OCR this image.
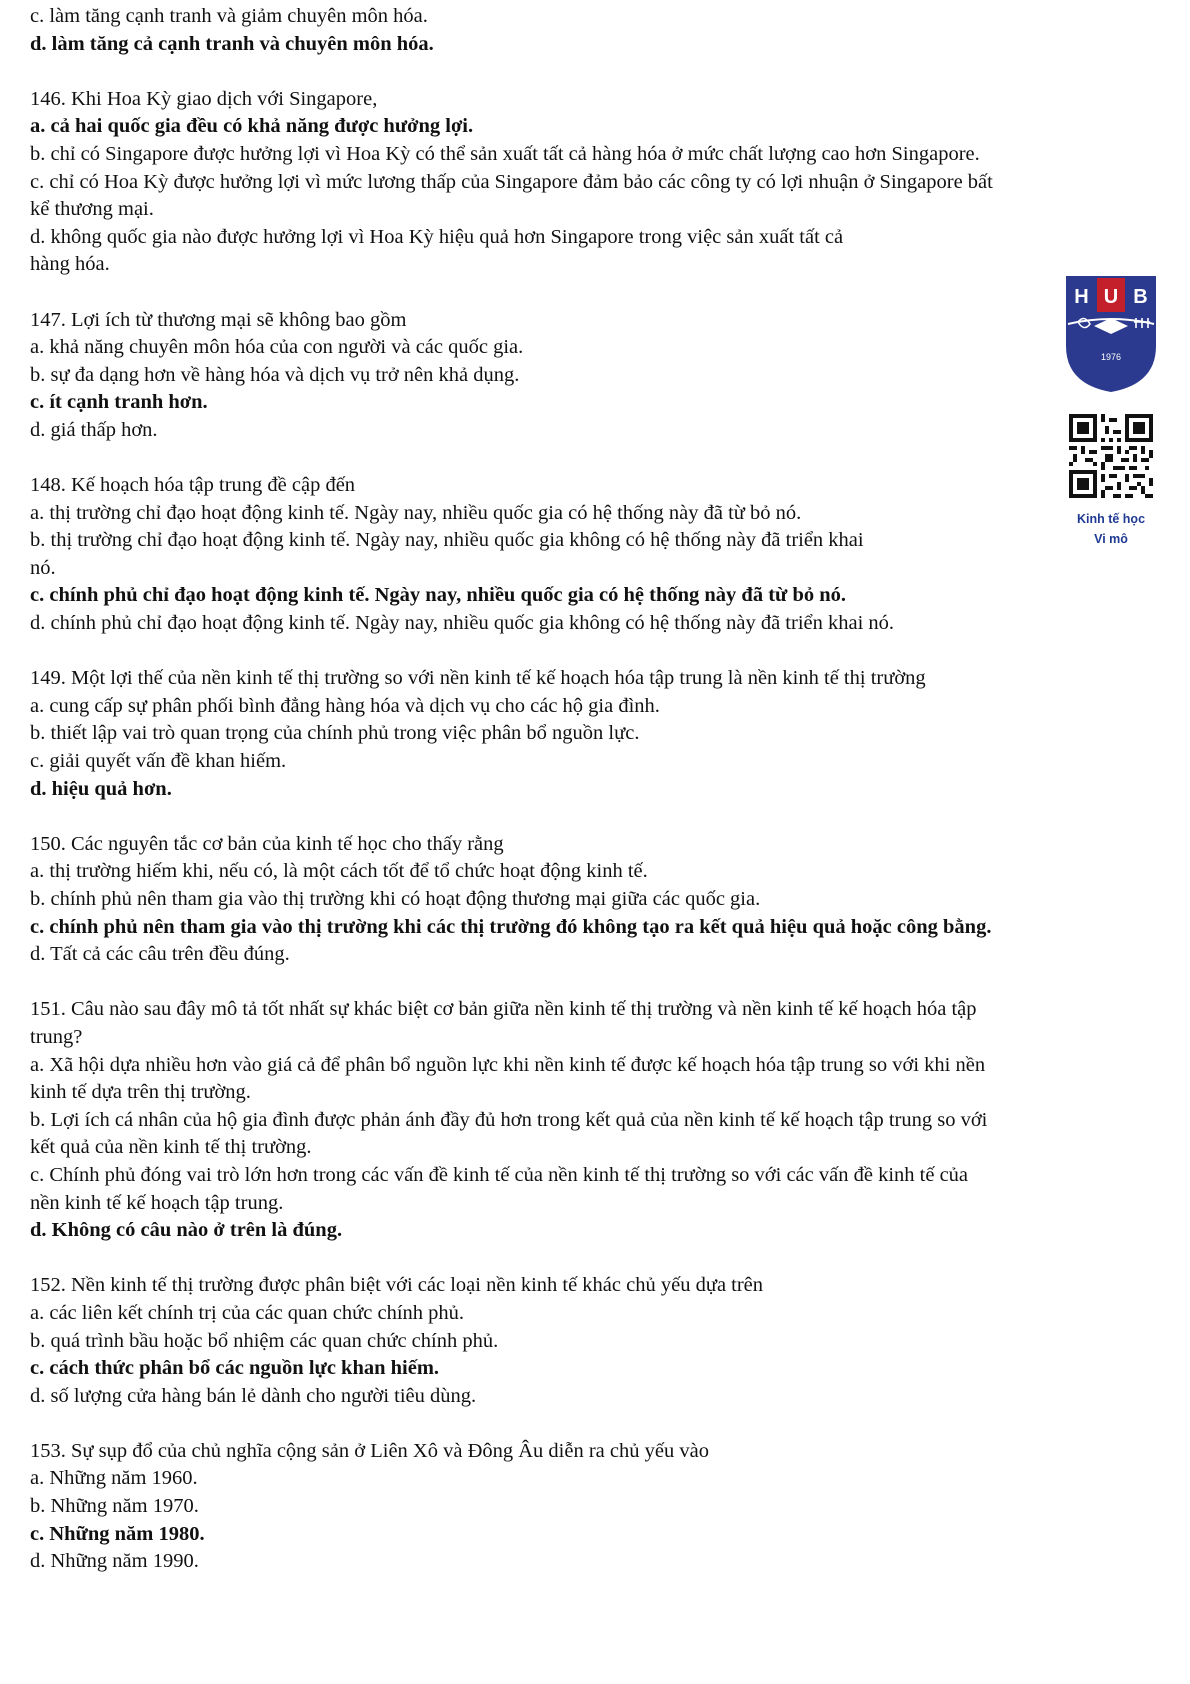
c. làm tăng cạnh tranh và giảm chuyên môn hóa.
d. làm tăng cả cạnh tranh và chuyên môn hóa.
146. Khi Hoa Kỳ giao dịch với Singapore,
a. cả hai quốc gia đều có khả năng được hưởng lợi.
b. chỉ có Singapore được hưởng lợi vì Hoa Kỳ có thể sản xuất tất cả hàng hóa ở mức chất lượng cao hơn Singapore.
c. chỉ có Hoa Kỳ được hưởng lợi vì mức lương thấp của Singapore đảm bảo các công ty có lợi nhuận ở Singapore bất
kể thương mại.
d. không quốc gia nào được hưởng lợi vì Hoa Kỳ hiệu quả hơn Singapore trong việc sản xuất tất cả
hàng hóa.
147. Lợi ích từ thương mại sẽ không bao gồm
a. khả năng chuyên môn hóa của con người và các quốc gia.
b. sự đa dạng hơn về hàng hóa và dịch vụ trở nên khả dụng.
c. ít cạnh tranh hơn.
d. giá thấp hơn.
148. Kế hoạch hóa tập trung đề cập đến
a. thị trường chỉ đạo hoạt động kinh tế. Ngày nay, nhiều quốc gia có hệ thống này đã từ bỏ nó.
b. thị trường chỉ đạo hoạt động kinh tế. Ngày nay, nhiều quốc gia không có hệ thống này đã triển khai
nó.
c. chính phủ chỉ đạo hoạt động kinh tế. Ngày nay, nhiều quốc gia có hệ thống này đã từ bỏ nó.
d. chính phủ chỉ đạo hoạt động kinh tế. Ngày nay, nhiều quốc gia không có hệ thống này đã triển khai nó.
149. Một lợi thế của nền kinh tế thị trường so với nền kinh tế kế hoạch hóa tập trung là nền kinh tế thị trường
a. cung cấp sự phân phối bình đẳng hàng hóa và dịch vụ cho các hộ gia đình.
b. thiết lập vai trò quan trọng của chính phủ trong việc phân bổ nguồn lực.
c. giải quyết vấn đề khan hiếm.
d. hiệu quả hơn.
150. Các nguyên tắc cơ bản của kinh tế học cho thấy rằng
a. thị trường hiếm khi, nếu có, là một cách tốt để tổ chức hoạt động kinh tế.
b. chính phủ nên tham gia vào thị trường khi có hoạt động thương mại giữa các quốc gia.
c. chính phủ nên tham gia vào thị trường khi các thị trường đó không tạo ra kết quả hiệu quả hoặc công bằng.
d. Tất cả các câu trên đều đúng.
151. Câu nào sau đây mô tả tốt nhất sự khác biệt cơ bản giữa nền kinh tế thị trường và nền kinh tế kế hoạch hóa tập
trung?
a. Xã hội dựa nhiều hơn vào giá cả để phân bổ nguồn lực khi nền kinh tế được kế hoạch hóa tập trung so với khi nền
kinh tế dựa trên thị trường.
b. Lợi ích cá nhân của hộ gia đình được phản ánh đầy đủ hơn trong kết quả của nền kinh tế kế hoạch tập trung so với
kết quả của nền kinh tế thị trường.
c. Chính phủ đóng vai trò lớn hơn trong các vấn đề kinh tế của nền kinh tế thị trường so với các vấn đề kinh tế của
nền kinh tế kế hoạch tập trung.
d. Không có câu nào ở trên là đúng.
152. Nền kinh tế thị trường được phân biệt với các loại nền kinh tế khác chủ yếu dựa trên
a. các liên kết chính trị của các quan chức chính phủ.
b. quá trình bầu hoặc bổ nhiệm các quan chức chính phủ.
c. cách thức phân bổ các nguồn lực khan hiếm.
d. số lượng cửa hàng bán lẻ dành cho người tiêu dùng.
153. Sự sụp đổ của chủ nghĩa cộng sản ở Liên Xô và Đông Âu diễn ra chủ yếu vào
a. Những năm 1960.
b. Những năm 1970.
c. Những năm 1980.
d. Những năm 1990.
H U B
1976
Kinh tế học
Vi mô
